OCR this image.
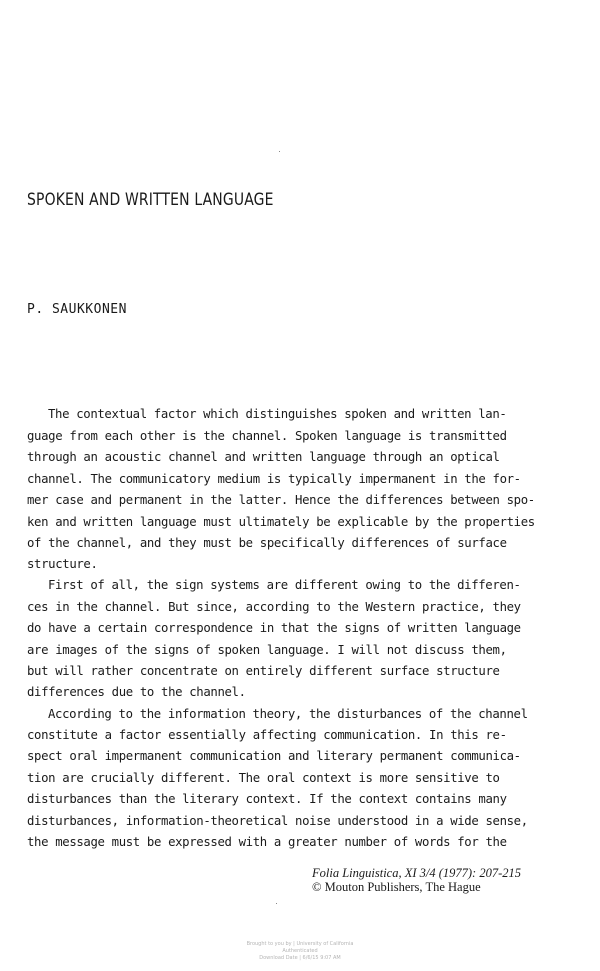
SPOKEN AND WRITTEN LANGUAGE
P. SAUKKONEN
The contextual factor which distinguishes spoken and written lan-
guage from each other is the channel. Spoken language is transmitted
through an acoustic channel and written language through an optical
channel. The communicatory medium is typically impermanent in the for-
mer case and permanent in the latter. Hence the differences between spo-
ken and written language must ultimately be explicable by the properties
of the channel, and they must be specifically differences of surface
structure.
First of all, the sign systems are different owing to the differen-
ces in the channel. But since, according to the Western practice, they
do have a certain correspondence in that the signs of written language
are images of the signs of spoken language. I will not discuss them,
but will rather concentrate on entirely different surface structure
differences due to the channel.
According to the information theory, the disturbances of the channel
constitute a factor essentially affecting communication. In this re-
spect oral impermanent communication and literary permanent communica-
tion are crucially different. The oral context is more sensitive to
disturbances than the literary context. If the context contains many
disturbances, information-theoretical noise understood in a wide sense,
the message must be expressed with a greater number of words for the
Folia Linguistica, XI 3/4 (1977): 207-215
© Mouton Publishers, The Hague
Brought to you by | University of California
Authenticated
Download Date | 6/6/15 9:07 AM
